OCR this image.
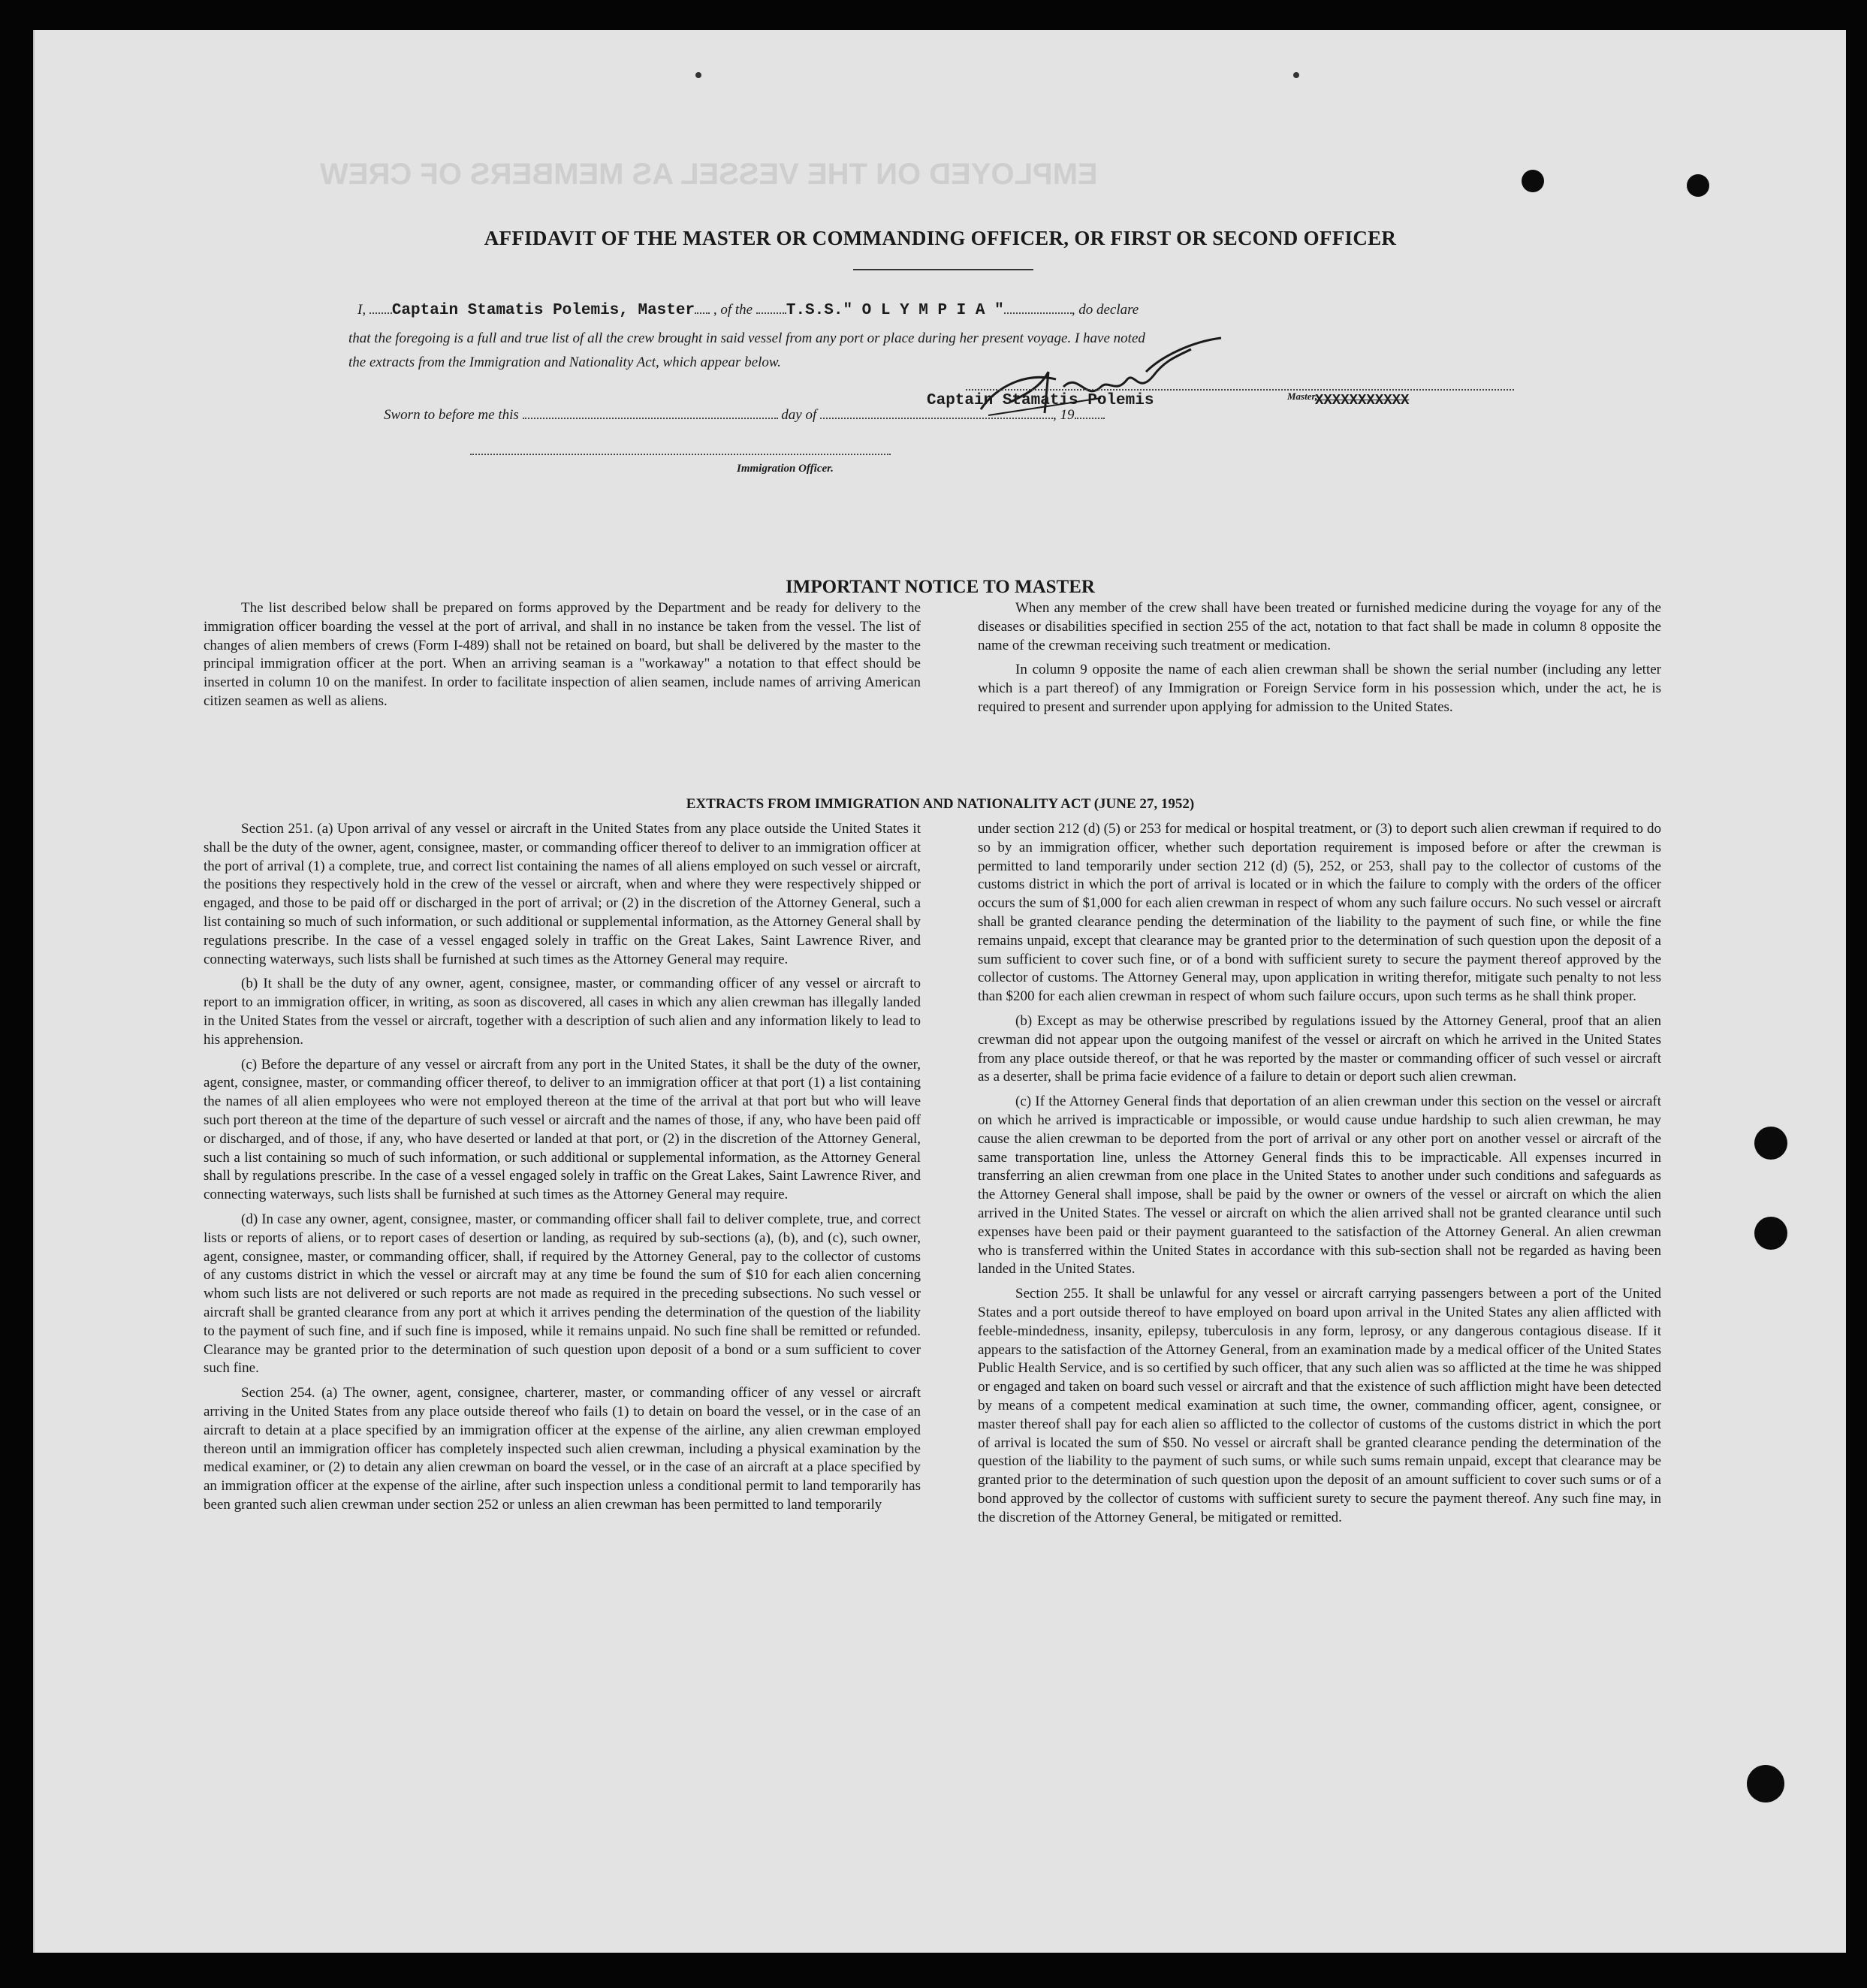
EMPLOYED ON THE VESSEL AS MEMBERS OF CREW
AFFIDAVIT OF THE MASTER OR COMMANDING OFFICER, OR FIRST OR SECOND OFFICER
I, Captain Stamatis Polemis, Master , of the T.S.S." O L Y M P I A "	, do declare
that the foregoing is a full and true list of all the crew brought in said vessel from any port or place during her present voyage. I have noted
the extracts from the Immigration and Nationality Act, which appear below.
Sworn to before me this	day of	, 19
Captain Stamatis Polemis	Master,
XXXXXXXXXXX
Immigration Officer.
IMPORTANT NOTICE TO MASTER

The list described below shall be prepared on forms approved by the Department and be ready for delivery to the immigration officer boarding the vessel at the port of arrival, and shall in no instance be taken from the vessel. The list of changes of alien members of crews (Form I-489) shall not be retained on board, but shall be delivered by the master to the principal immigration officer at the port. When an arriving seaman is a "workaway" a notation to that effect should be inserted in column 10 on the manifest. In order to facilitate inspection of alien seamen, include names of arriving American citizen seamen as well as aliens.

When any member of the crew shall have been treated or furnished medicine during the voyage for any of the diseases or disabilities specified in section 255 of the act, notation to that fact shall be made in column 8 opposite the name of the crewman receiving such treatment or medication.

In column 9 opposite the name of each alien crewman shall be shown the serial number (including any letter which is a part thereof) of any Immigration or Foreign Service form in his possession which, under the act, he is required to present and surrender upon applying for admission to the United States.

EXTRACTS FROM IMMIGRATION AND NATIONALITY ACT (JUNE 27, 1952)

Section 251. (a) Upon arrival of any vessel or aircraft in the United States from any place outside the United States it shall be the duty of the owner, agent, consignee, master, or commanding officer thereof to deliver to an immigration officer at the port of arrival (1) a complete, true, and correct list containing the names of all aliens employed on such vessel or aircraft, the positions they respectively hold in the crew of the vessel or aircraft, when and where they were respectively shipped or engaged, and those to be paid off or discharged in the port of arrival; or (2) in the discretion of the Attorney General, such a list containing so much of such information, or such additional or supplemental information, as the Attorney General shall by regulations prescribe. In the case of a vessel engaged solely in traffic on the Great Lakes, Saint Lawrence River, and connecting waterways, such lists shall be furnished at such times as the Attorney General may require.

(b) It shall be the duty of any owner, agent, consignee, master, or commanding officer of any vessel or aircraft to report to an immigration officer, in writing, as soon as discovered, all cases in which any alien crewman has illegally landed in the United States from the vessel or aircraft, together with a description of such alien and any information likely to lead to his apprehension.

(c) Before the departure of any vessel or aircraft from any port in the United States, it shall be the duty of the owner, agent, consignee, master, or commanding officer thereof, to deliver to an immigration officer at that port (1) a list containing the names of all alien employees who were not employed thereon at the time of the arrival at that port but who will leave such port thereon at the time of the departure of such vessel or aircraft and the names of those, if any, who have been paid off or discharged, and of those, if any, who have deserted or landed at that port, or (2) in the discretion of the Attorney General, such a list containing so much of such information, or such additional or supplemental information, as the Attorney General shall by regulations prescribe. In the case of a vessel engaged solely in traffic on the Great Lakes, Saint Lawrence River, and connecting waterways, such lists shall be furnished at such times as the Attorney General may require.

(d) In case any owner, agent, consignee, master, or commanding officer shall fail to deliver complete, true, and correct lists or reports of aliens, or to report cases of desertion or landing, as required by sub-sections (a), (b), and (c), such owner, agent, consignee, master, or commanding officer, shall, if required by the Attorney General, pay to the collector of customs of any customs district in which the vessel or aircraft may at any time be found the sum of $10 for each alien concerning whom such lists are not delivered or such reports are not made as required in the preceding subsections. No such vessel or aircraft shall be granted clearance from any port at which it arrives pending the determination of the question of the liability to the payment of such fine, and if such fine is imposed, while it remains unpaid. No such fine shall be remitted or refunded. Clearance may be granted prior to the determination of such question upon deposit of a bond or a sum sufficient to cover such fine.

Section 254. (a) The owner, agent, consignee, charterer, master, or commanding officer of any vessel or aircraft arriving in the United States from any place outside thereof who fails (1) to detain on board the vessel, or in the case of an aircraft to detain at a place specified by an immigration officer at the expense of the airline, any alien crewman employed thereon until an immigration officer has completely inspected such alien crewman, including a physical examination by the medical examiner, or (2) to detain any alien crewman on board the vessel, or in the case of an aircraft at a place specified by an immigration officer at the expense of the airline, after such inspection unless a conditional permit to land temporarily has been granted such alien crewman under section 252 or unless an alien crewman has been permitted to land temporarily

under section 212 (d) (5) or 253 for medical or hospital treatment, or (3) to deport such alien crewman if required to do so by an immigration officer, whether such deportation requirement is imposed before or after the crewman is permitted to land temporarily under section 212 (d) (5), 252, or 253, shall pay to the collector of customs of the customs district in which the port of arrival is located or in which the failure to comply with the orders of the officer occurs the sum of $1,000 for each alien crewman in respect of whom any such failure occurs. No such vessel or aircraft shall be granted clearance pending the determination of the liability to the payment of such fine, or while the fine remains unpaid, except that clearance may be granted prior to the determination of such question upon the deposit of a sum sufficient to cover such fine, or of a bond with sufficient surety to secure the payment thereof approved by the collector of customs. The Attorney General may, upon application in writing therefor, mitigate such penalty to not less than $200 for each alien crewman in respect of whom such failure occurs, upon such terms as he shall think proper.

(b) Except as may be otherwise prescribed by regulations issued by the Attorney General, proof that an alien crewman did not appear upon the outgoing manifest of the vessel or aircraft on which he arrived in the United States from any place outside thereof, or that he was reported by the master or commanding officer of such vessel or aircraft as a deserter, shall be prima facie evidence of a failure to detain or deport such alien crewman.

(c) If the Attorney General finds that deportation of an alien crewman under this section on the vessel or aircraft on which he arrived is impracticable or impossible, or would cause undue hardship to such alien crewman, he may cause the alien crewman to be deported from the port of arrival or any other port on another vessel or aircraft of the same transportation line, unless the Attorney General finds this to be impracticable. All expenses incurred in transferring an alien crewman from one place in the United States to another under such conditions and safeguards as the Attorney General shall impose, shall be paid by the owner or owners of the vessel or aircraft on which the alien arrived in the United States. The vessel or aircraft on which the alien arrived shall not be granted clearance until such expenses have been paid or their payment guaranteed to the satisfaction of the Attorney General. An alien crewman who is transferred within the United States in accordance with this sub-section shall not be regarded as having been landed in the United States.

Section 255. It shall be unlawful for any vessel or aircraft carrying passengers between a port of the United States and a port outside thereof to have employed on board upon arrival in the United States any alien afflicted with feeble-mindedness, insanity, epilepsy, tuberculosis in any form, leprosy, or any dangerous contagious disease. If it appears to the satisfaction of the Attorney General, from an examination made by a medical officer of the United States Public Health Service, and is so certified by such officer, that any such alien was so afflicted at the time he was shipped or engaged and taken on board such vessel or aircraft and that the existence of such affliction might have been detected by means of a competent medical examination at such time, the owner, commanding officer, agent, consignee, or master thereof shall pay for each alien so afflicted to the collector of customs of the customs district in which the port of arrival is located the sum of $50. No vessel or aircraft shall be granted clearance pending the determination of the question of the liability to the payment of such sums, or while such sums remain unpaid, except that clearance may be granted prior to the determination of such question upon the deposit of an amount sufficient to cover such sums or of a bond approved by the collector of customs with sufficient surety to secure the payment thereof. Any such fine may, in the discretion of the Attorney General, be mitigated or remitted.
